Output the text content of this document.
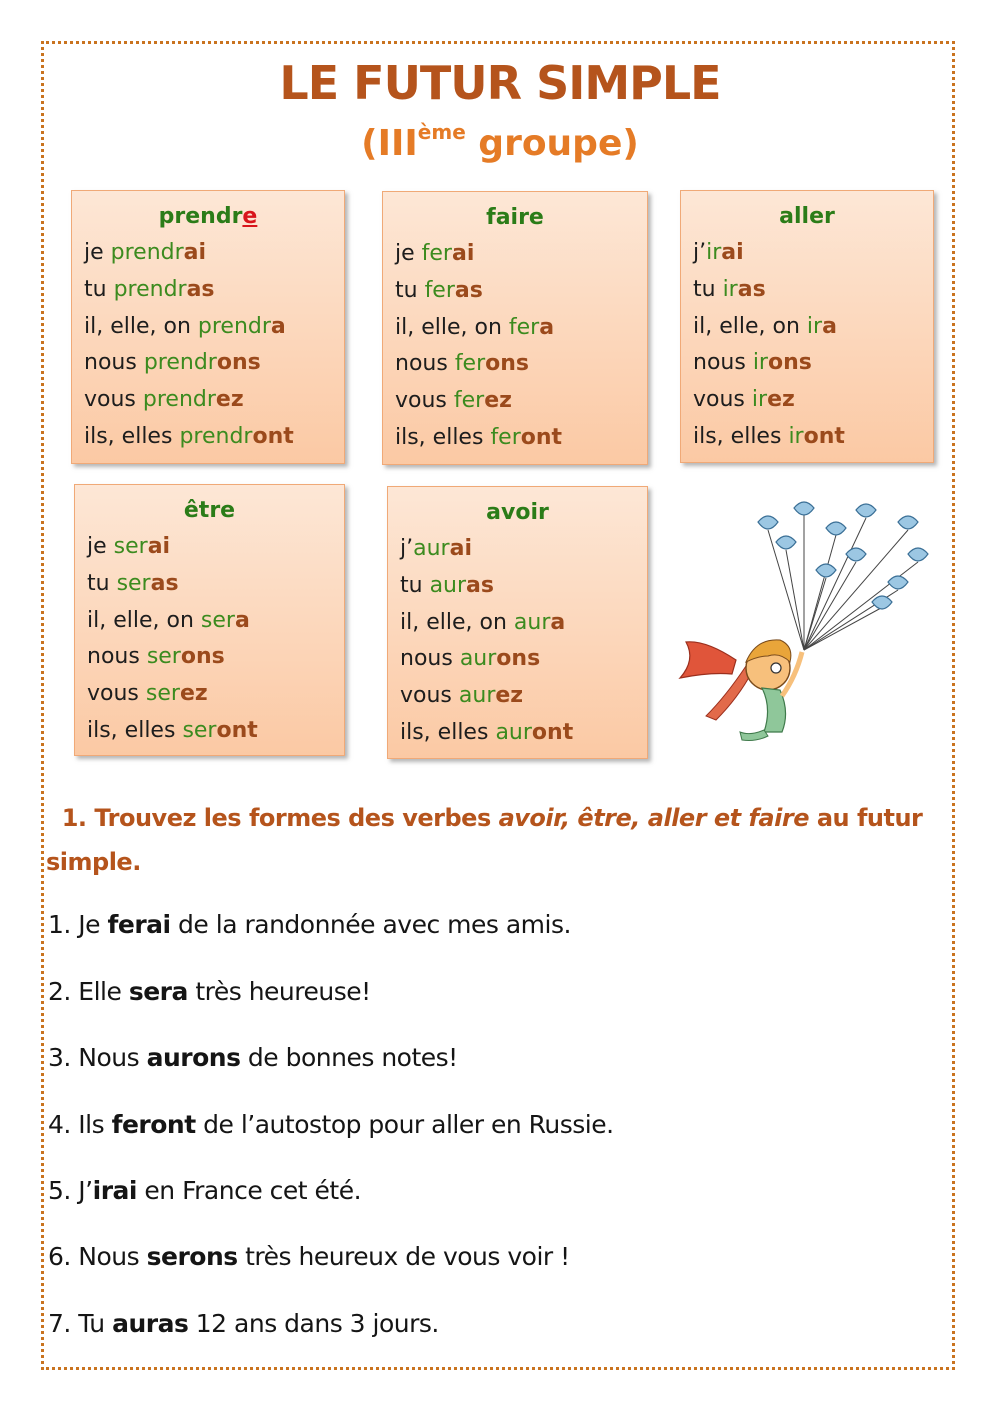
LE FUTUR SIMPLE
(IIIème groupe)
prendre
je prendrai
tu prendras
il, elle, on prendra
nous prendrons
vous prendrez
ils, elles prendront
faire
je ferai
tu feras
il, elle, on fera
nous ferons
vous ferez
ils, elles feront
aller
j’irai
tu iras
il, elle, on ira
nous irons
vous irez
ils, elles iront
être
je serai
tu seras
il, elle, on sera
nous serons
vous serez
ils, elles seront
avoir
j’aurai
tu auras
il, elle, on aura
nous aurons
vous aurez
ils, elles auront
1. Trouvez les formes des verbes avoir, être, aller et faire au futur simple.
1. Je ferai de la randonnée avec mes amis.
2. Elle sera très heureuse!
3. Nous aurons de bonnes notes!
4. Ils feront de l’autostop pour aller en Russie.
5. J’irai en France cet été.
6. Nous serons très heureux de vous voir !
7. Tu auras 12 ans dans 3 jours.
